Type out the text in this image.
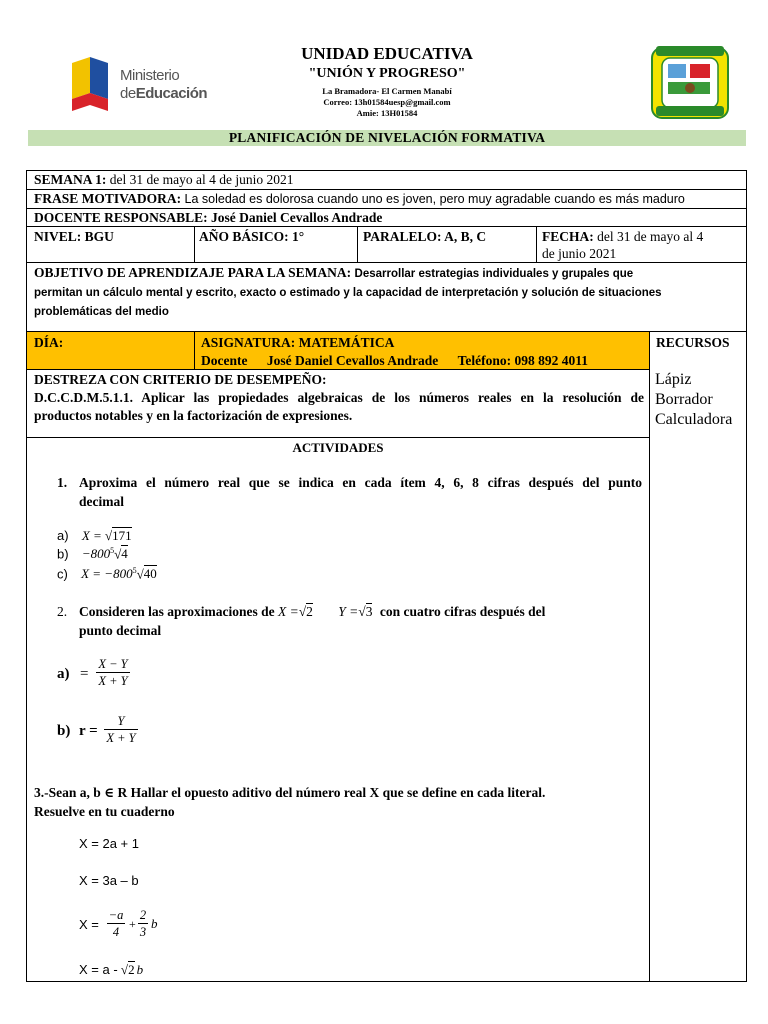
Ministerio
deEducación
UNIDAD EDUCATIVA
"UNIÓN Y PROGRESO"
La Bramadora- El Carmen Manabí
Correo: 13h01584uesp@gmail.com
Amie: 13H01584
PLANIFICACIÓN DE NIVELACIÓN FORMATIVA
SEMANA 1: del 31 de mayo al 4 de junio 2021
FRASE MOTIVADORA: La soledad es dolorosa cuando uno es joven, pero muy agradable cuando es más maduro
DOCENTE RESPONSABLE: José Daniel Cevallos Andrade
NIVEL: BGU	AÑO BÁSICO: 1°	PARALELO: A, B, C	FECHA: del 31 de mayo al 4
de junio 2021
OBJETIVO DE APRENDIZAJE PARA LA SEMANA: Desarrollar estrategias individuales y grupales que
permitan un cálculo mental y escrito, exacto o estimado y la capacidad de interpretación y solución de situaciones
problemáticas del medio
DÍA:	ASIGNATURA: MATEMÁTICA
Docente José Daniel Cevallos Andrade Teléfono: 098 892 4011
RECURSOS
Lápiz
Borrador
Calculadora
DESTREZA CON CRITERIO DE DESEMPEÑO:
D.C.C.D.M.5.1.1. Aplicar las propiedades algebraicas de los números reales en la resolución de
productos notables y en la factorización de expresiones.
ACTIVIDADES
1. Aproxima el número real que se indica en cada ítem 4, 6, 8 cifras después del punto
decimal
a) X = √171
$b) -800^5√4$
c) $X = -800^5√40$
2. Consideren las aproximaciones de X =√2 Y =√3 con cuatro cifras después del
punto decimal
$a) = \frac{X - Y}{X + Y}$
b) $r = \frac{Y}{X + Y}$
3.-Sean a, b ∈ R Hallar el opuesto aditivo del número real X que se define en cada literal.
Resuelve en tu cuaderno
X = 2a + 1
X = 3a – b
$X = \frac{-a}{4} + \frac{2}{3}$ b
X = a - √2 b
